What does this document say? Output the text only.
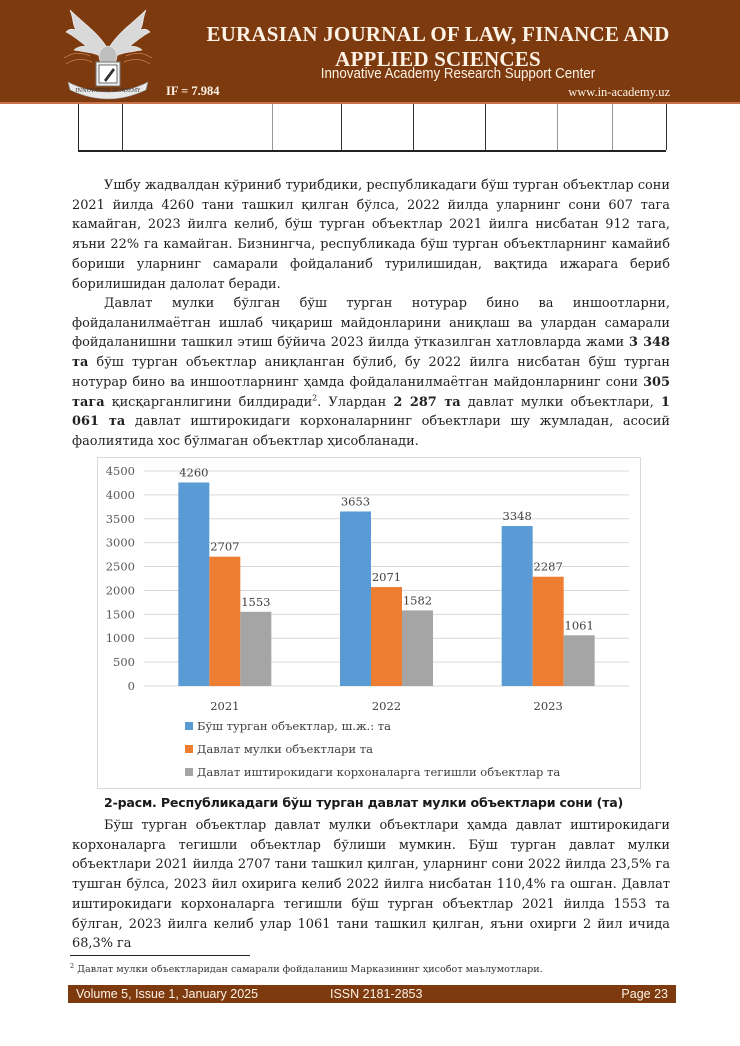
INNOVATIVE ACADEMY
EURASIAN JOURNAL OF LAW, FINANCE AND
APPLIED SCIENCES
Innovative Academy Research Support Center
IF = 7.984	www.in-academy.uz

Ушбу жадвалдан кўриниб турибдики, республикадаги бўш турган объектлар сони 2021 йилда 4260 тани ташкил қилган бўлса, 2022 йилда уларнинг сони 607 тага камайган, 2023 йилга келиб, бўш турган объектлар 2021 йилга нисбатан 912 тага, яъни 22% га камайган. Бизнингча, республикада бўш турган объектларнинг камайиб бориши уларнинг самарали фойдаланиб турилишидан, вақтида ижарага бериб борилишидан далолат беради.

Давлат мулки бўлган бўш турган нотурар бино ва иншоотларни, фойдаланилмаётган ишлаб чиқариш майдонларини аниқлаш ва улардан самарали фойдаланишни ташкил этиш бўйича 2023 йилда ўтказилган хатловларда жами 3 348 та бўш турган объектлар аниқланган бўлиб, бу 2022 йилга нисбатан бўш турган нотурар бино ва иншоотларнинг ҳамда фойдаланилмаётган майдонларнинг сони 305 тага қисқарганлигини билдиради$^2$. Улардан 2 287 та давлат мулки объектлари, 1 061 та давлат иштирокидаги корхоналарнинг объектлари шу жумладан, асосий фаолиятида хос бўлмаган объектлар ҳисобланади.

0
500
1000
1500
2000
2500
3000
3500
4000
4500	4260
2707
1553
2021
3653
2071
1582
2022
3348
2287
1061
2023
Бўш турган объектлар, ш.ж.: та
Давлат мулки объектлари та
Давлат иштирокидаги корхоналарга тегишли объектлар та
2-расм. Республикадаги бўш турган давлат мулки объектлари сони (та)

Бўш турган объектлар давлат мулки объектлари ҳамда давлат иштирокидаги корхоналарга тегишли объектлар бўлиши мумкин. Бўш турган давлат мулки объектлари 2021 йилда 2707 тани ташкил қилган, уларнинг сони 2022 йилда 23,5% га тушган бўлса, 2023 йил охирига келиб 2022 йилга нисбатан 110,4% га ошган. Давлат иштирокидаги корхоналарга тегишли бўш турган объектлар 2021 йилда 1553 та бўлган, 2023 йилга келиб улар 1061 тани ташкил қилган, яъни охирги 2 йил ичида 68,3% га

$^2$ Давлат мулки объектларидан самарали фойдаланиш Марказининг ҳисобот маълумотлари.
Volume 5, Issue 1, January 2025	ISSN 2181-2853	Page 23
